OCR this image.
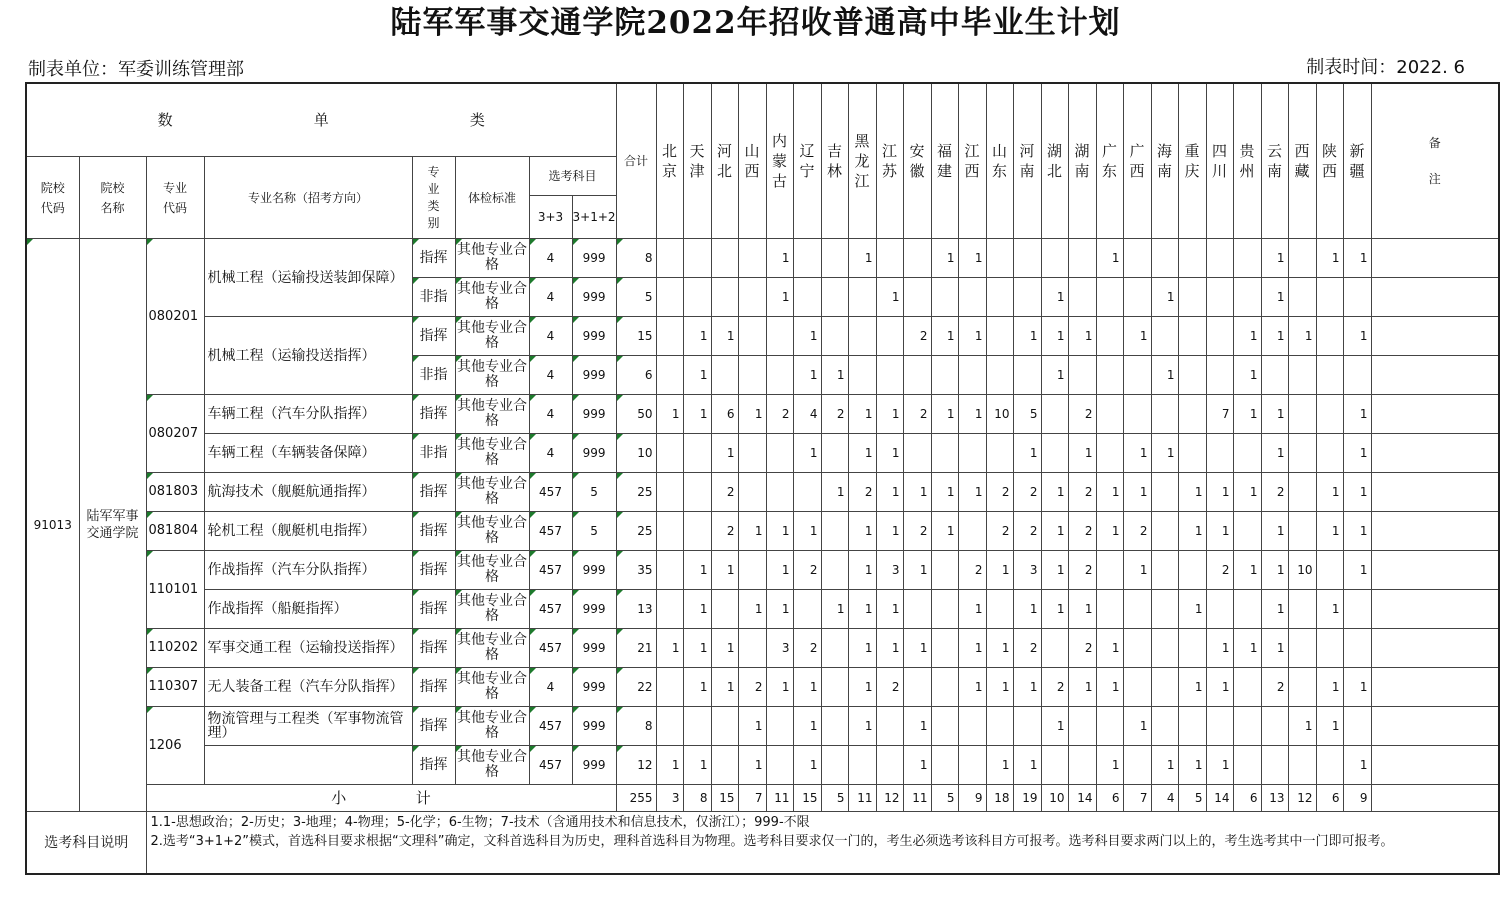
陆军军事交通学院2022年招收普通高中毕业生计划
制表单位：军委训练管理部	制表时间：2022. 6
数 单 类								合计	北京	天津	河北	山西	内蒙古	辽宁	吉林	黑龙江	江苏	安徽	福建	江西	山东	河南	湖北	湖南	广东	广西	海南	重庆	四川	贵州	云南	西藏	陕西	新疆	备注
院校代码	院校名称	专业代码	专业名称（招考方向）	专业类别	体检标准	选考科目																													
						3+3	3+1+2																												
91013	陆军军事交通学院	080201	机械工程（运输投送装卸保障）	指挥	其他专业合格	4	999	8					1			1			1	1					1						1		1	1	
				非指	其他专业合格	4	999	5					1				1						1				1				1				
			机械工程（运输投送指挥）	指挥	其他专业合格	4	999	15		1	1			1				2	1	1		1	1	1		1				1	1	1		1	
				非指	其他专业合格	4	999	6		1				1	1								1				1			1					
		080207	车辆工程（汽车分队指挥）	指挥	其他专业合格	4	999	50	1	1	6	1	2	4	2	1	1	2	1	1	10	5		2					7	1	1			1	
			车辆工程（车辆装备保障）	非指	其他专业合格	4	999	10			1			1		1	1					1		1		1	1				1			1	
		081803	航海技术（舰艇航通指挥）	指挥	其他专业合格	457	5	25			2				1	2	1	1	1	1	2	2	1	2	1	1		1	1	1	2		1	1	
		081804	轮机工程（舰艇机电指挥）	指挥	其他专业合格	457	5	25			2	1	1	1		1	1	2	1		2	2	1	2	1	2		1	1		1		1	1	
		110101	作战指挥（汽车分队指挥）	指挥	其他专业合格	457	999	35		1	1		1	2		1	3	1		2	1	3	1	2		1			2	1	1	10		1	
			作战指挥（船艇指挥）	指挥	其他专业合格	457	999	13		1		1	1		1	1	1			1		1	1	1				1			1		1		
		110202	军事交通工程（运输投送指挥）	指挥	其他专业合格	457	999	21	1	1	1		3	2		1	1	1		1	1	2		2	1				1	1	1				
		110307	无人装备工程（汽车分队指挥）	指挥	其他专业合格	4	999	22		1	1	2	1	1		1	2			1	1	1	2	1	1			1	1		2		1	1	
		1206	物流管理与工程类（军事物流管理）	指挥	其他专业合格	457	999	8				1		1		1		1					1			1						1	1		
				指挥	其他专业合格	457	999	12	1	1		1		1				1			1	1			1		1	1	1					1	

		小 计						255	3	8	15	7	11	15	5	11	12	11	5	9	18	19	10	14	6	7	4	5	14	6	13	12	6	9	
选考科目说明		1.1-思想政治；2-历史；3-地理；4-物理；5-化学；6-生物；7-技术（含通用技术和信息技术，仅浙江）；999-不限
2.选考“3+1+2”模式，首选科目要求根据“文理科”确定，文科首选科目为历史，理科首选科目为物理。选考科目要求仅一门的，考生必须选考该科目方可报考。选考科目要求两门以上的，考生选考其中一门即可报考。																																	
